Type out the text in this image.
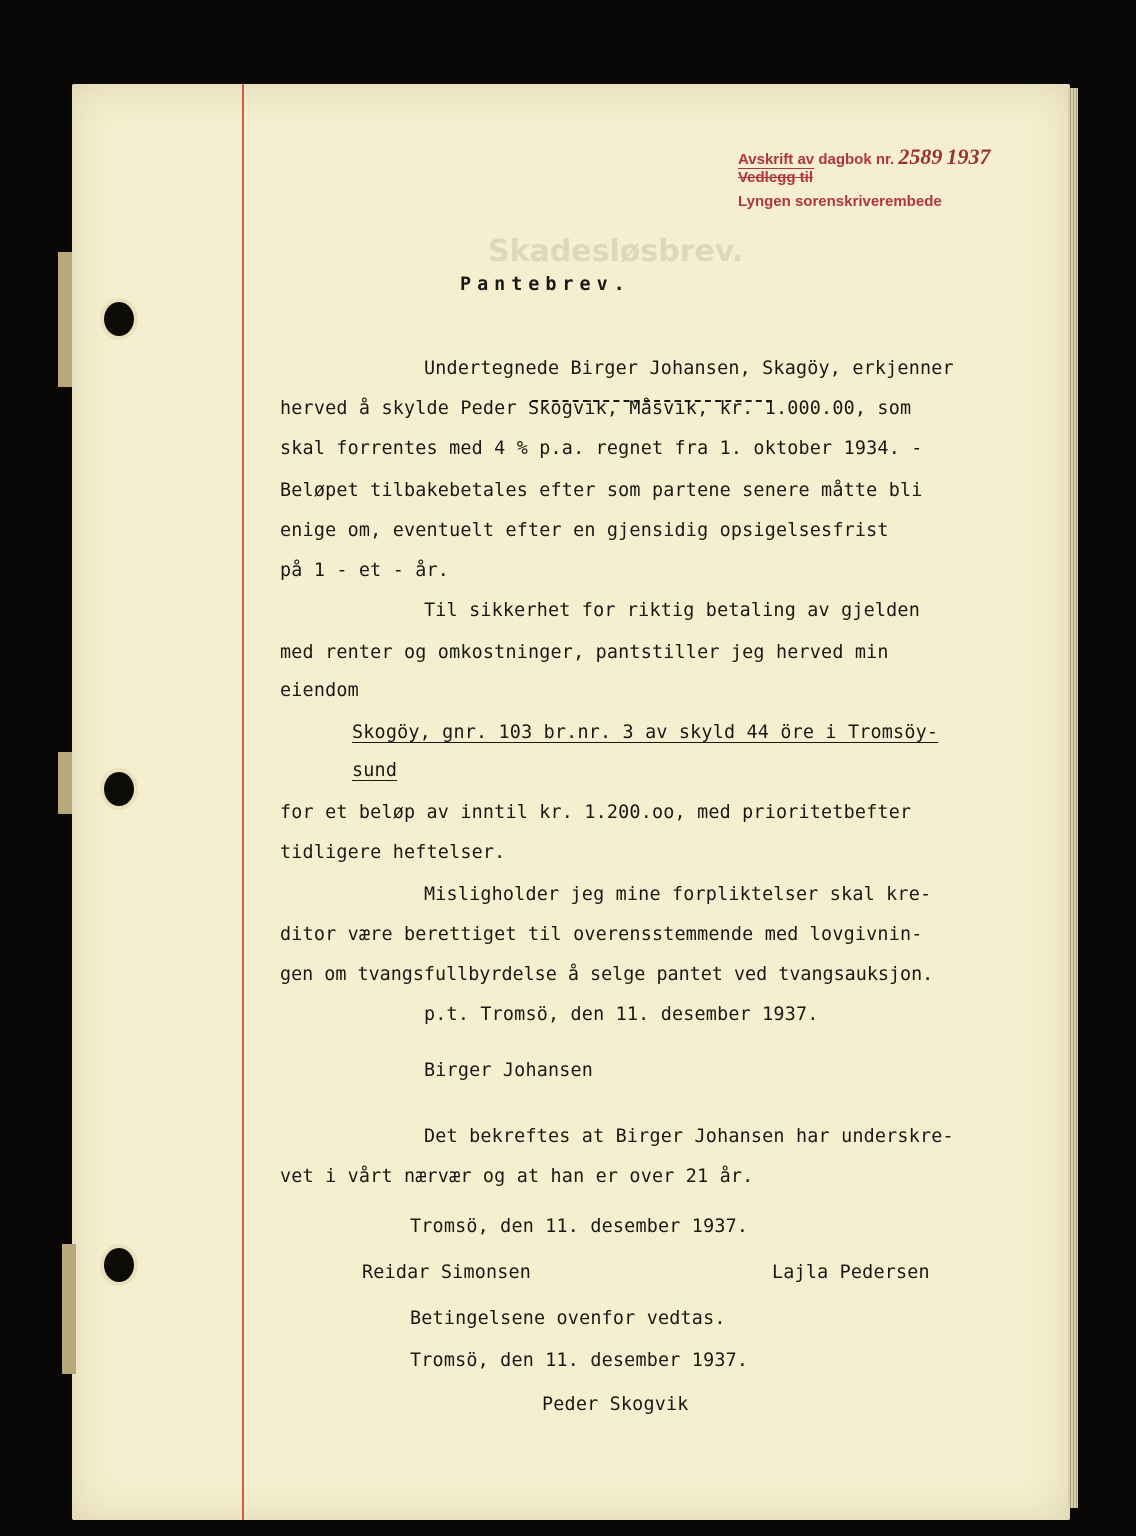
Skadesløsbrev.
Avskrift av dagbok nr. 2589 1937
Vedlegg til
Lyngen sorenskriverembede
Pantebrev.
Undertegnede Birger Johansen, Skagöy, erkjenner
herved å skylde Peder Skogvik, Måsvik, kr. 1.000.00, som
skal forrentes med 4 % p.a. regnet fra 1. oktober 1934. -
Beløpet tilbakebetales efter som partene senere måtte bli
enige om, eventuelt efter en gjensidig opsigelsesfrist
på 1 - et - år.
Til sikkerhet for riktig betaling av gjelden
med renter og omkostninger, pantstiller jeg herved min
eiendom
Skogöy, gnr. 103 br.nr. 3 av skyld 44 öre i Tromsöy-
sund
for et beløp av inntil kr. 1.200.oo, med prioritetbefter
tidligere heftelser.
Misligholder jeg mine forpliktelser skal kre-
ditor være berettiget til overensstemmende med lovgivnin-
gen om tvangsfullbyrdelse å selge pantet ved tvangsauksjon.
p.t. Tromsö, den 11. desember 1937.
Birger Johansen
Det bekreftes at Birger Johansen har underskre-
vet i vårt nærvær og at han er over 21 år.
Tromsö, den 11. desember 1937.
Reidar Simonsen	Lajla Pedersen
Betingelsene ovenfor vedtas.
Tromsö, den 11. desember 1937.
Peder Skogvik
